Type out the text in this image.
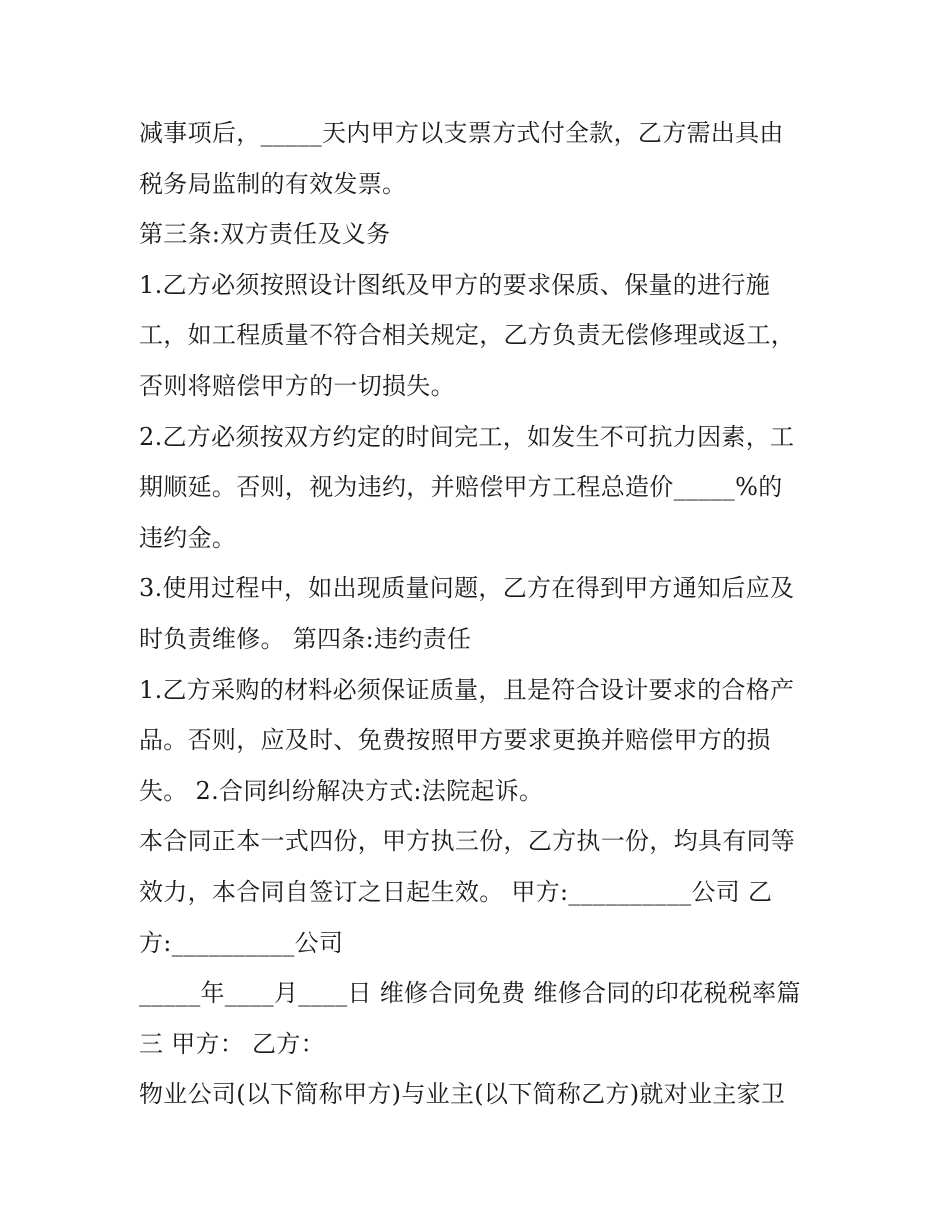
减事项后，_____天内甲方以支票方式付全款，乙方需出具由
税务局监制的有效发票。
第三条:双方责任及义务
1.乙方必须按照设计图纸及甲方的要求保质、保量的进行施
工，如工程质量不符合相关规定，乙方负责无偿修理或返工，
否则将赔偿甲方的一切损失。
2.乙方必须按双方约定的时间完工，如发生不可抗力因素，工
期顺延。否则，视为违约，并赔偿甲方工程总造价_____%的
违约金。
3.使用过程中，如出现质量问题，乙方在得到甲方通知后应及
时负责维修。 第四条:违约责任
1.乙方采购的材料必须保证质量，且是符合设计要求的合格产
品。否则，应及时、免费按照甲方要求更换并赔偿甲方的损
失。 2.合同纠纷解决方式:法院起诉。
本合同正本一式四份，甲方执三份，乙方执一份，均具有同等
效力，本合同自签订之日起生效。 甲方:__________公司 乙
方:__________公司
_____年____月____日 维修合同免费 维修合同的印花税税率篇
三 甲方： 乙方：
物业公司(以下简称甲方)与业主(以下简称乙方)就对业主家卫
